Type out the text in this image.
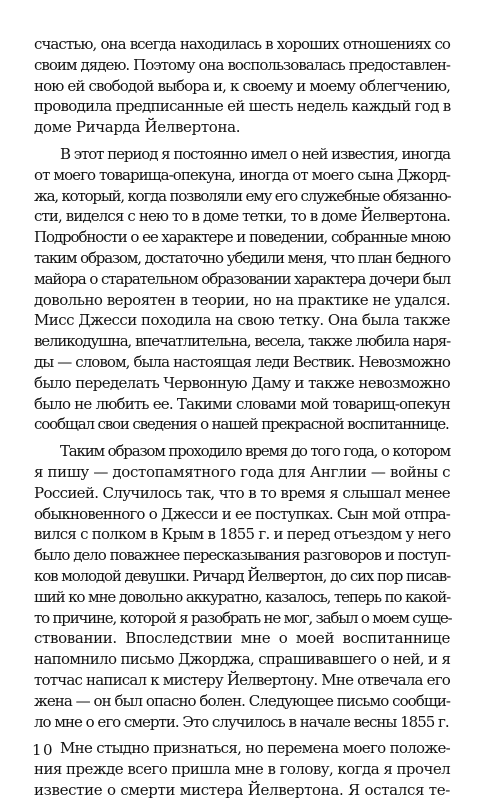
счастью, она всегда находилась в хороших отношениях со
своим дядею. Поэтому она воспользовалась предоставлен-
ною ей свободой выбора и, к своему и моему облегчению,
проводила предписанные ей шесть недель каждый год в
доме Ричарда Йелвертона.
В этот период я постоянно имел о ней известия, иногда
от моего товарища-опекуна, иногда от моего сына Джорд-
жа, который, когда позволяли ему его служебные обязанно-
сти, виделся с нею то в доме тетки, то в доме Йелвертона.
Подробности о ее характере и поведении, собранные мною
таким образом, достаточно убедили меня, что план бедного
майора о старательном образовании характера дочери был
довольно вероятен в теории, но на практике не удался.
Мисс Джесси походила на свою тетку. Она была также
великодушна, впечатлительна, весела, также любила наря-
ды — словом, была настоящая леди Вествик. Невозможно
было переделать Червонную Даму и также невозможно
было не любить ее. Такими словами мой товарищ-опекун
сообщал свои сведения о нашей прекрасной воспитаннице.
Таким образом проходило время до того года, о котором
я пишу — достопамятного года для Англии — войны с
Россией. Случилось так, что в то время я слышал менее
обыкновенного о Джесси и ее поступках. Сын мой отпра-
вился с полком в Крым в 1855 г. и перед отъездом у него
было дело поважнее пересказывания разговоров и поступ-
ков молодой девушки. Ричард Йелвертон, до сих пор писав-
ший ко мне довольно аккуратно, казалось, теперь по какой-
то причине, которой я разобрать не мог, забыл о моем суще-
ствовании. Впоследствии мне о моей воспитаннице
напомнило письмо Джорджа, спрашивавшего о ней, и я
тотчас написал к мистеру Йелвертону. Мне отвечала его
жена — он был опасно болен. Следующее письмо сообщи-
ло мне о его смерти. Это случилось в начале весны 1855 г.
Мне стыдно признаться, но перемена моего положе-
ния прежде всего пришла мне в голову, когда я прочел
известие о смерти мистера Йелвертона. Я остался те-
10
